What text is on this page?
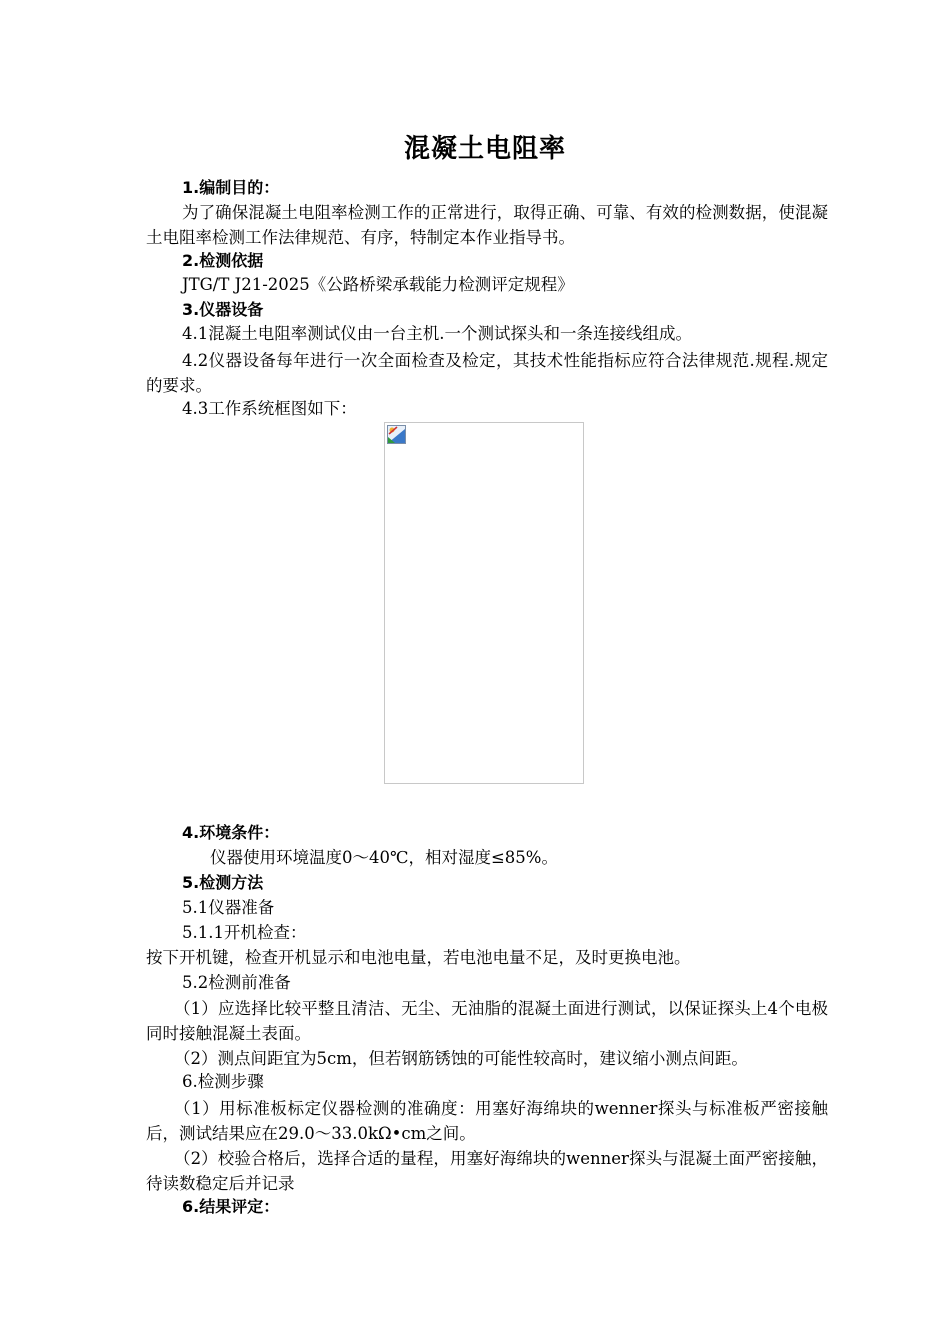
混凝土电阻率
1.编制目的：
为了确保混凝土电阻率检测工作的正常进行，取得正确、可靠、有效的检测数据，使混凝土电阻率检测工作法律规范、有序，特制定本作业指导书。
2.检测依据
JTG/T J21-2025《公路桥梁承载能力检测评定规程》
3.仪器设备
4.1混凝土电阻率测试仪由一台主机.一个测试探头和一条连接线组成。
4.2仪器设备每年进行一次全面检查及检定，其技术性能指标应符合法律规范.规程.规定的要求。
4.3工作系统框图如下：
4.环境条件：
仪器使用环境温度0～40℃，相对湿度≤85%。
5.检测方法
5.1仪器准备
5.1.1开机检查：
按下开机键，检查开机显示和电池电量，若电池电量不足，及时更换电池。
5.2检测前准备
（1）应选择比较平整且清洁、无尘、无油脂的混凝土面进行测试，以保证探头上4个电极同时接触混凝土表面。
（2）测点间距宜为5cm，但若钢筋锈蚀的可能性较高时，建议缩小测点间距。
6.检测步骤
（1）用标准板标定仪器检测的准确度：用塞好海绵块的wenner探头与标准板严密接触后，测试结果应在29.0～33.0kΩ•cm之间。
（2）校验合格后，选择合适的量程，用塞好海绵块的wenner探头与混凝土面严密接触，待读数稳定后并记录
6.结果评定：
